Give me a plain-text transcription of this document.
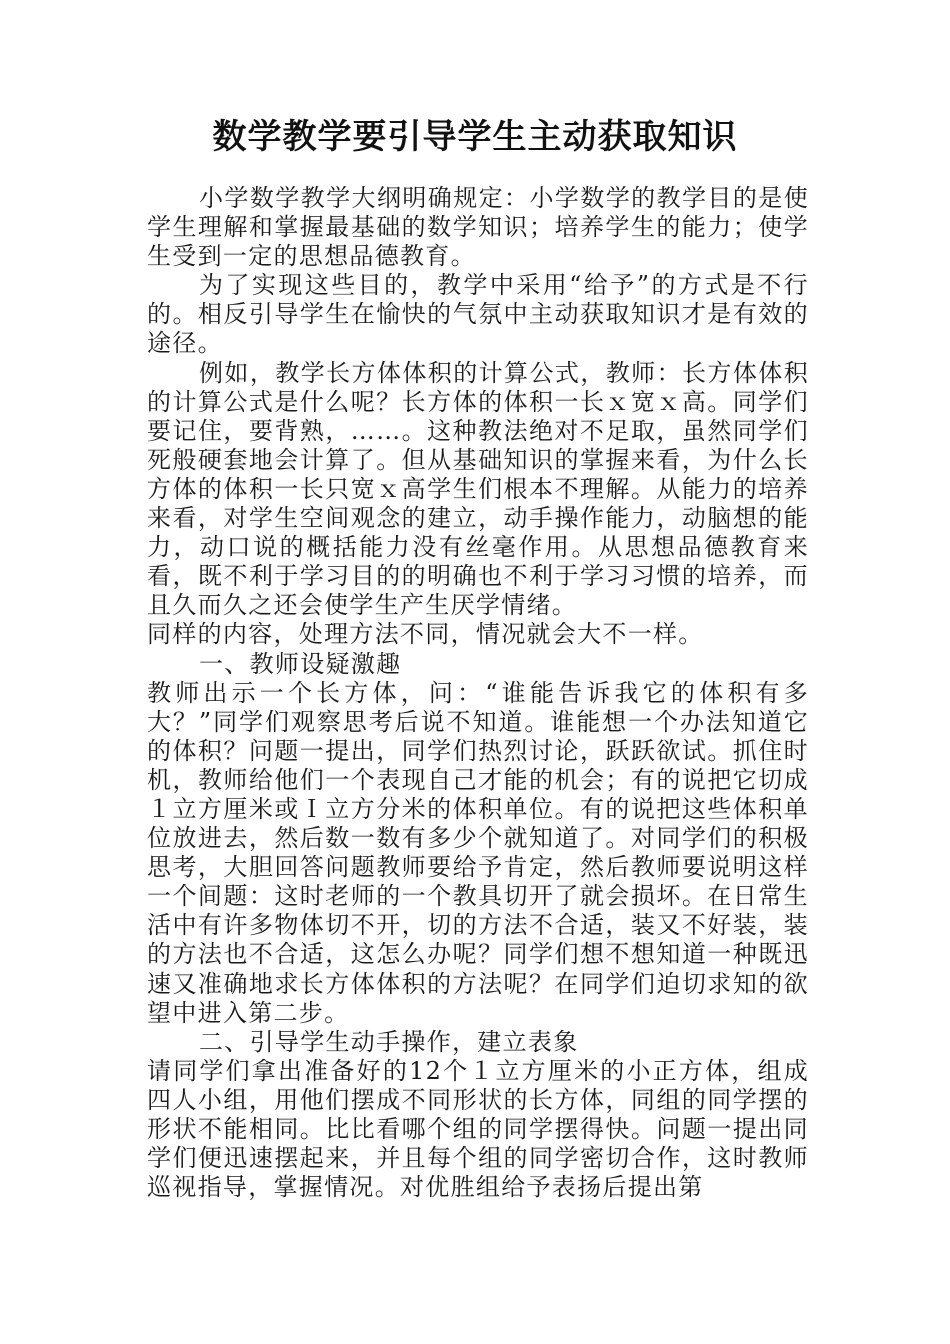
数学教学要引导学生主动获取知识

小学数学教学大纲明确规定：小学数学的教学目的是使学生理解和掌握最基础的数学知识；培养学生的能力；使学生受到一定的思想品德教育。

为了实现这些目的，教学中采用“给予”的方式是不行的。相反引导学生在愉快的气氛中主动获取知识才是有效的途径。

例如，教学长方体体积的计算公式，教师：长方体体积的计算公式是什么呢？长方体的体积一长ｘ宽ｘ高。同学们要记住，要背熟，……。这种教法绝对不足取，虽然同学们死般硬套地会计算了。但从基础知识的掌握来看，为什么长方体的体积一长只宽ｘ高学生们根本不理解。从能力的培养来看，对学生空间观念的建立，动手操作能力，动脑想的能力，动口说的概括能力没有丝毫作用。从思想品德教育来看，既不利于学习目的的明确也不利于学习习惯的培养，而且久而久之还会使学生产生厌学情绪。

同样的内容，处理方法不同，情况就会大不一样。

一、教师设疑激趣

教师出示一个长方体，问：“谁能告诉我它的体积有多大？”同学们观察思考后说不知道。谁能想一个办法知道它的体积？问题一提出，同学们热烈讨论，跃跃欲试。抓住时机，教师给他们一个表现自己才能的机会；有的说把它切成１立方厘米或Ｉ立方分米的体积单位。有的说把这些体积单位放进去，然后数一数有多少个就知道了。对同学们的积极思考，大胆回答问题教师要给予肯定，然后教师要说明这样一个间题：这时老师的一个教具切开了就会损坏。在日常生活中有许多物体切不开，切的方法不合适，装又不好装，装的方法也不合适，这怎么办呢？同学们想不想知道一种既迅速又准确地求长方体体积的方法呢？在同学们迫切求知的欲望中进入第二步。

二、引导学生动手操作，建立表象

请同学们拿出准备好的12个１立方厘米的小正方体，组成四人小组，用他们摆成不同形状的长方体，同组的同学摆的形状不能相同。比比看哪个组的同学摆得快。问题一提出同学们便迅速摆起来，并且每个组的同学密切合作，这时教师巡视指导，掌握情况。对优胜组给予表扬后提出第
